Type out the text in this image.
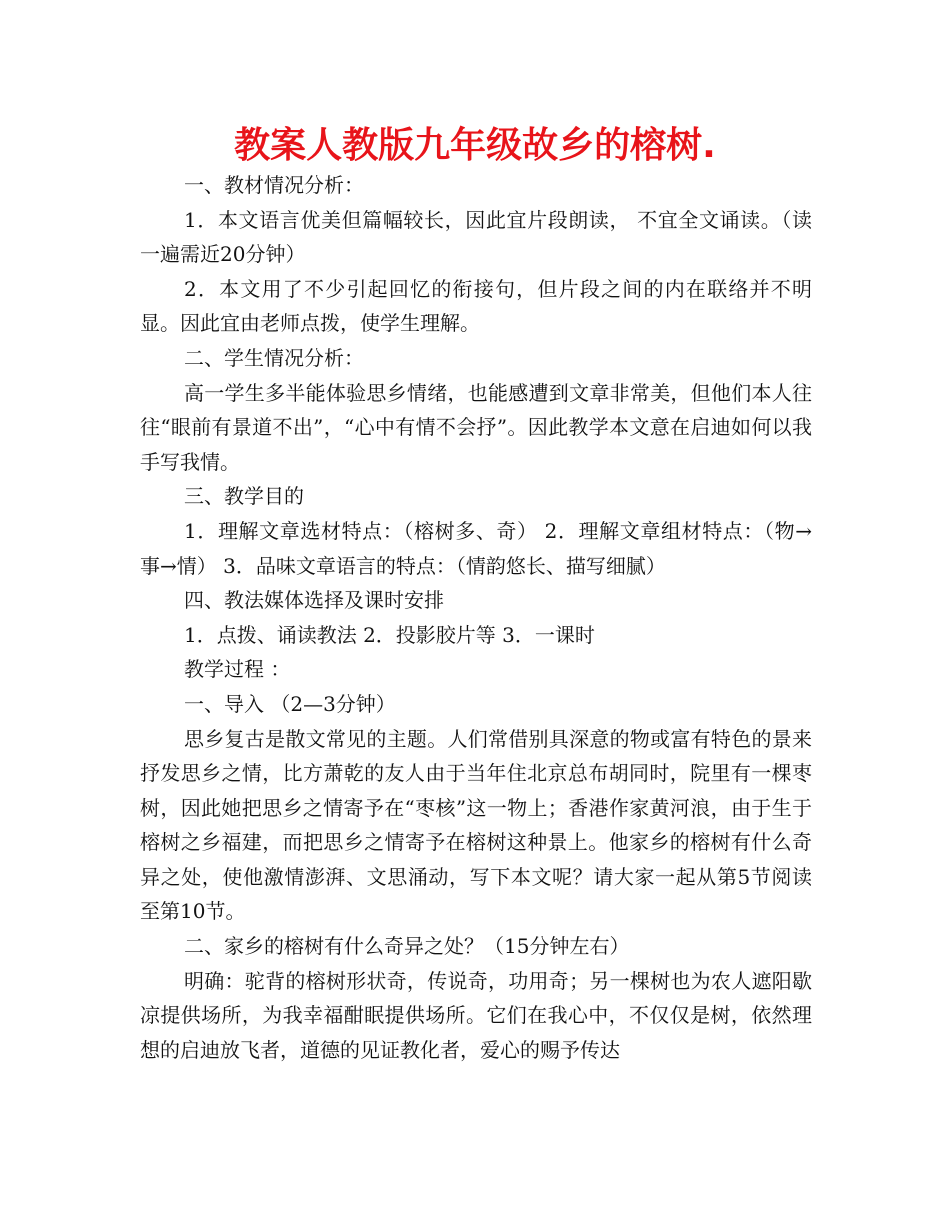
教案人教版九年级故乡的榕树.

一、教材情况分析：

1．本文语言优美但篇幅较长，因此宜片段朗读， 不宜全文诵读。（读一遍需近20分钟）

2．本文用了不少引起回忆的衔接句，但片段之间的内在联络并不明显。因此宜由老师点拨，使学生理解。

二、学生情况分析：

高一学生多半能体验思乡情绪，也能感遭到文章非常美，但他们本人往往“眼前有景道不出”，“心中有情不会抒”。因此教学本文意在启迪如何以我手写我情。

三、教学目的

1．理解文章选材特点：（榕树多、奇） 2．理解文章组材特点：（物→事→情） 3．品味文章语言的特点：（情韵悠长、描写细腻）

四、教法媒体选择及课时安排

1．点拨、诵读教法 2．投影胶片等 3．一课时

教学过程 ：

一、导入 （2—3分钟）

思乡复古是散文常见的主题。人们常借别具深意的物或富有特色的景来抒发思乡之情，比方萧乾的友人由于当年住北京总布胡同时，院里有一棵枣树，因此她把思乡之情寄予在“枣核”这一物上；香港作家黄河浪，由于生于榕树之乡福建，而把思乡之情寄予在榕树这种景上。他家乡的榕树有什么奇异之处，使他激情澎湃、文思涌动，写下本文呢？请大家一起从第5节阅读至第10节。

二、家乡的榕树有什么奇异之处？（15分钟左右）

明确：驼背的榕树形状奇，传说奇，功用奇；另一棵树也为农人遮阳歇凉提供场所，为我幸福酣眠提供场所。它们在我心中，不仅仅是树，依然理想的启迪放飞者，道德的见证教化者，爱心的赐予传达
